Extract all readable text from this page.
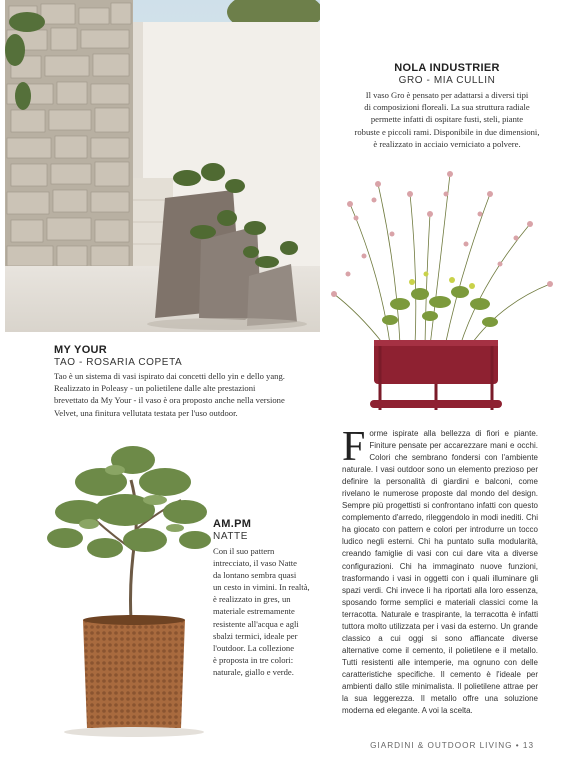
NOLA INDUSTRIER
GRO - MIA CULLIN
Il vaso Gro è pensato per adattarsi a diversi tipi
di composizioni floreali. La sua struttura radiale
permette infatti di ospitare fusti, steli, piante
robuste e piccoli rami. Disponibile in due dimensioni,
è realizzato in acciaio verniciato a polvere.
MY YOUR
TAO - ROSARIA COPETA
Tao è un sistema di vasi ispirato dai concetti dello yin e dello yang.
Realizzato in Poleasy - un polietilene dalle alte prestazioni
brevettato da My Your - il vaso è ora proposto anche nella versione
Velvet, una finitura vellutata testata per l'uso outdoor.
AM.PM
NATTE
Con il suo pattern
intrecciato, il vaso Natte
da lontano sembra quasi
un cesto in vimini. In realtà,
è realizzato in gres, un
materiale estremamente
resistente all'acqua e agli
sbalzi termici, ideale per
l'outdoor. La collezione
è proposta in tre colori:
naturale, giallo e verde.
Forme ispirate alla bellezza di fiori e piante. Finiture pensate per accarezzare mani e occhi. Colori che sembrano fondersi con l'ambiente naturale. I vasi outdoor sono un elemento prezioso per definire la personalità di giardini e balconi, come rivelano le numerose proposte dal mondo del design. Sempre più progettisti si confrontano infatti con questo complemento d'arredo, rileggendolo in modi inediti. Chi ha giocato con pattern e colori per introdurre un tocco ludico negli esterni. Chi ha puntato sulla modularità, creando famiglie di vasi con cui dare vita a diverse configurazioni. Chi ha immaginato nuove funzioni, trasformando i vasi in oggetti con i quali illuminare gli spazi verdi. Chi invece li ha riportati alla loro essenza, sposando forme semplici e materiali classici come la terracotta. Naturale e traspirante, la terracotta è infatti tuttora molto utilizzata per i vasi da esterno. Un grande classico a cui oggi si sono affiancate diverse alternative come il cemento, il polietilene e il metallo. Tutti resistenti alle intemperie, ma ognuno con delle caratteristiche specifiche. Il cemento è l'ideale per ambienti dallo stile minimalista. Il polietilene attrae per la sua leggerezza. Il metallo offre una soluzione moderna ed elegante. A voi la scelta.
GIARDINI & OUTDOOR LIVING • 13
